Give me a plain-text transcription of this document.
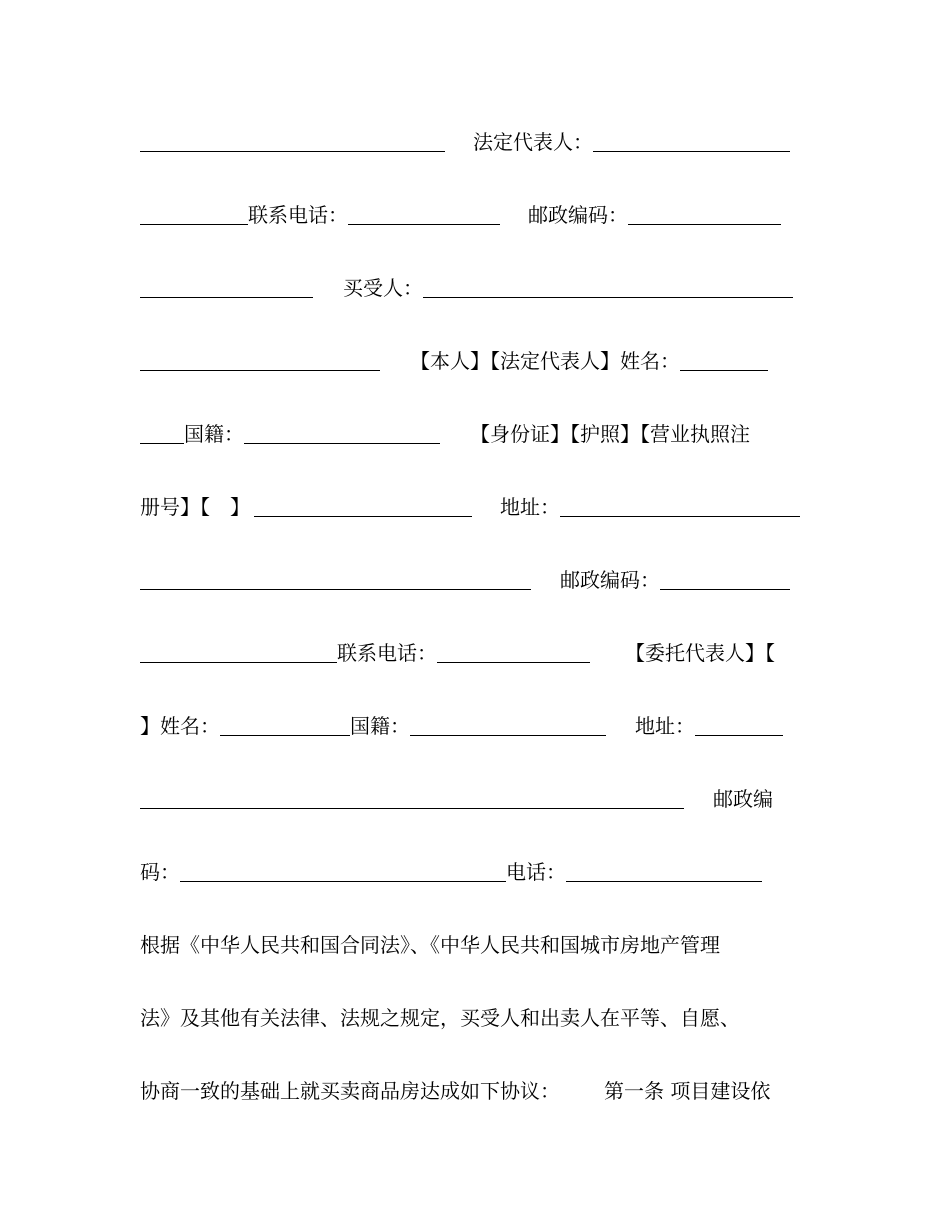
法定代表人：
联系电话：	邮政编码：
买受人：
【本人】【法定代表人】姓名：
国籍：	【身份证】【护照】【营业执照注
册号】【　】	地址：
邮政编码：
联系电话：	【委托代表人】【
】姓名：	国籍：	地址：
邮政编
码：	电话：
根据《中华人民共和国合同法》、《中华人民共和国城市房地产管理
法》及其他有关法律、法规之规定，买受人和出卖人在平等、自愿、
协商一致的基础上就买卖商品房达成如下协议： 第一条 项目建设依
